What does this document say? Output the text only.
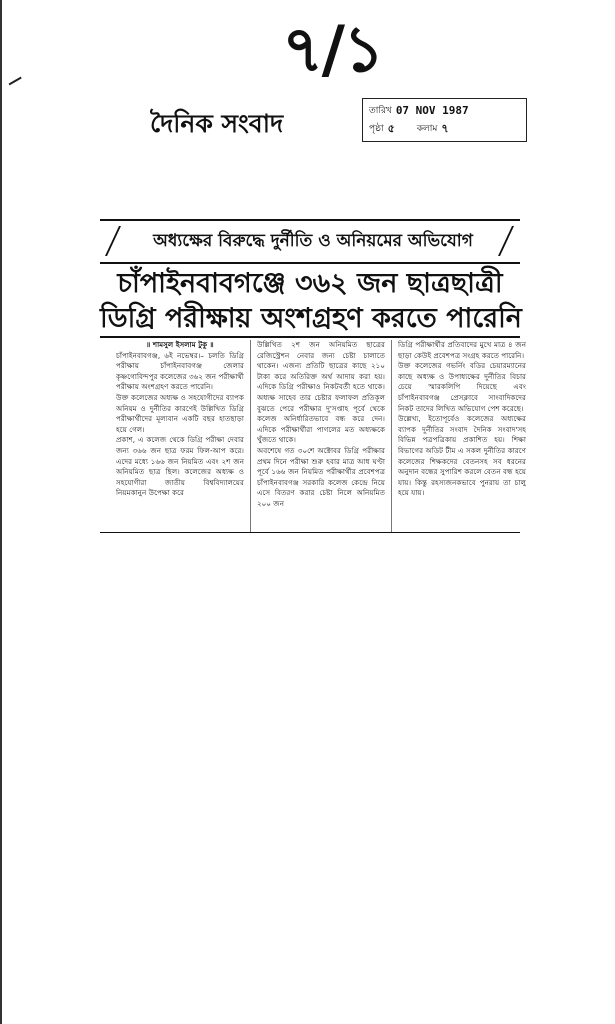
৭/১
দৈনিক সংবাদ	তারিখ 07 NOV 1987
পৃষ্ঠা ৫ কলাম ৭
অধ্যক্ষের বিরুদ্ধে দুর্নীতি ও অনিয়মের অভিযোগ
চাঁপাইনবাবগঞ্জে ৩৬২ জন ছাত্রছাত্রী
ডিগ্রি পরীক্ষায় অংশগ্রহণ করতে পারেনি

॥ শামসুল ইসলাম টুকু ॥

চাঁপাইনবাবগঞ্জ, ৬ই নভেম্বর।– চলতি ডিগ্রি পরীক্ষায় চাঁপাইনবাবগঞ্জ জেলার কৃষ্ণগোবিন্দপুর কলেজের ৩৬২ জন পরীক্ষার্থী পরীক্ষায় অংশগ্রহণ করতে পারেনি।

উক্ত কলেজের অধ্যক্ষ ও সহযোগীদের ব্যাপক অনিয়ম ও দুর্নীতির কারণেই উল্লিখিত ডিগ্রি পরীক্ষার্থীদের মূল্যবান একটি বছর হাতছাড়া হয়ে গেল।

প্রকাশ, এ কলেজ থেকে ডিগ্রি পরীক্ষা দেবার জন্য ৩৬৬ জন ছাত্র ফরম ফিল-আপ করে। এদের মধ্যে ১৬৬ জন নিয়মিত এবং ২শ জন অনিয়মিত ছাত্র ছিল। কলেজের অধ্যক্ষ ও সহযোগীরা জাতীয় বিশ্ববিদ্যালয়ের নিয়মকানুন উপেক্ষা করে

উল্লিখিত ২শ জন অনিয়মিত ছাত্রের রেজিস্ট্রেশন নেবার জন্য চেষ্টা চালাতে থাকেন। এজন্য প্রতিটি ছাত্রের কাছে ২১০ টাকা করে অতিরিক্ত অর্থ আদায় করা হয়। এদিকে ডিগ্রি পরীক্ষাও নিকটবর্তী হতে থাকে। অধ্যক্ষ সাহেব তার চেষ্টার ফলাফল প্রতিকূল বুঝতে পেরে পরীক্ষার দু'সপ্তাহ পূর্বে থেকে কলেজ অনির্ধারিতভাবে বন্ধ করে দেন। এদিকে পরীক্ষার্থীরা পাগলের মত অধ্যক্ষকে খুঁজতে থাকে।

অবশেষে গত ৩০শে অক্টোবর ডিগ্রি পরীক্ষার প্রথম দিনে পরীক্ষা শুরু হবার মাত্র আধ ঘণ্টা পূর্বে ১৬৬ জন নিয়মিত পরীক্ষার্থীর প্রবেশপত্র চাঁপাইনবাবগঞ্জ সরকারি কলেজ কেন্দ্রে নিয়ে এসে বিতরণ করার চেষ্টা নিলে অনিয়মিত ২০০ জন

ডিগ্রি পরীক্ষার্থীর প্রতিবাদের মুখে মাত্র ৪ জন ছাড়া কেউই প্রবেশপত্র সংগ্রহ করতে পারেনি।

উক্ত কলেজের গভর্নিং বডির চেয়ারম্যানের কাছে অধ্যক্ষ ও উপাধ্যক্ষের দুর্নীতির বিচার চেয়ে স্মারকলিপি দিয়েছে এবং চাঁপাইনবাবগঞ্জ প্রেসক্লাবে সাংবাদিকদের নিকট তাদের লিখিত অভিযোগ পেশ করেছে।

উল্লেখ্য, ইতোপূর্বেও কলেজের অধ্যক্ষের ব্যাপক দুর্নীতির সংবাদ দৈনিক সংবাদ'সহ বিভিন্ন পত্রপত্রিকায় প্রকাশিত হয়। শিক্ষা বিভাগের অডিট টীম এ সকল দুর্নীতির কারণে কলেজের শিক্ষকদের বেতনসহ সব ধরনের অনুদান বন্ধের সুপারিশ করলে বেতন বন্ধ হয়ে যায়। কিন্তু রহস্যজনকভাবে পুনরায় তা চালু হয়ে যায়।
